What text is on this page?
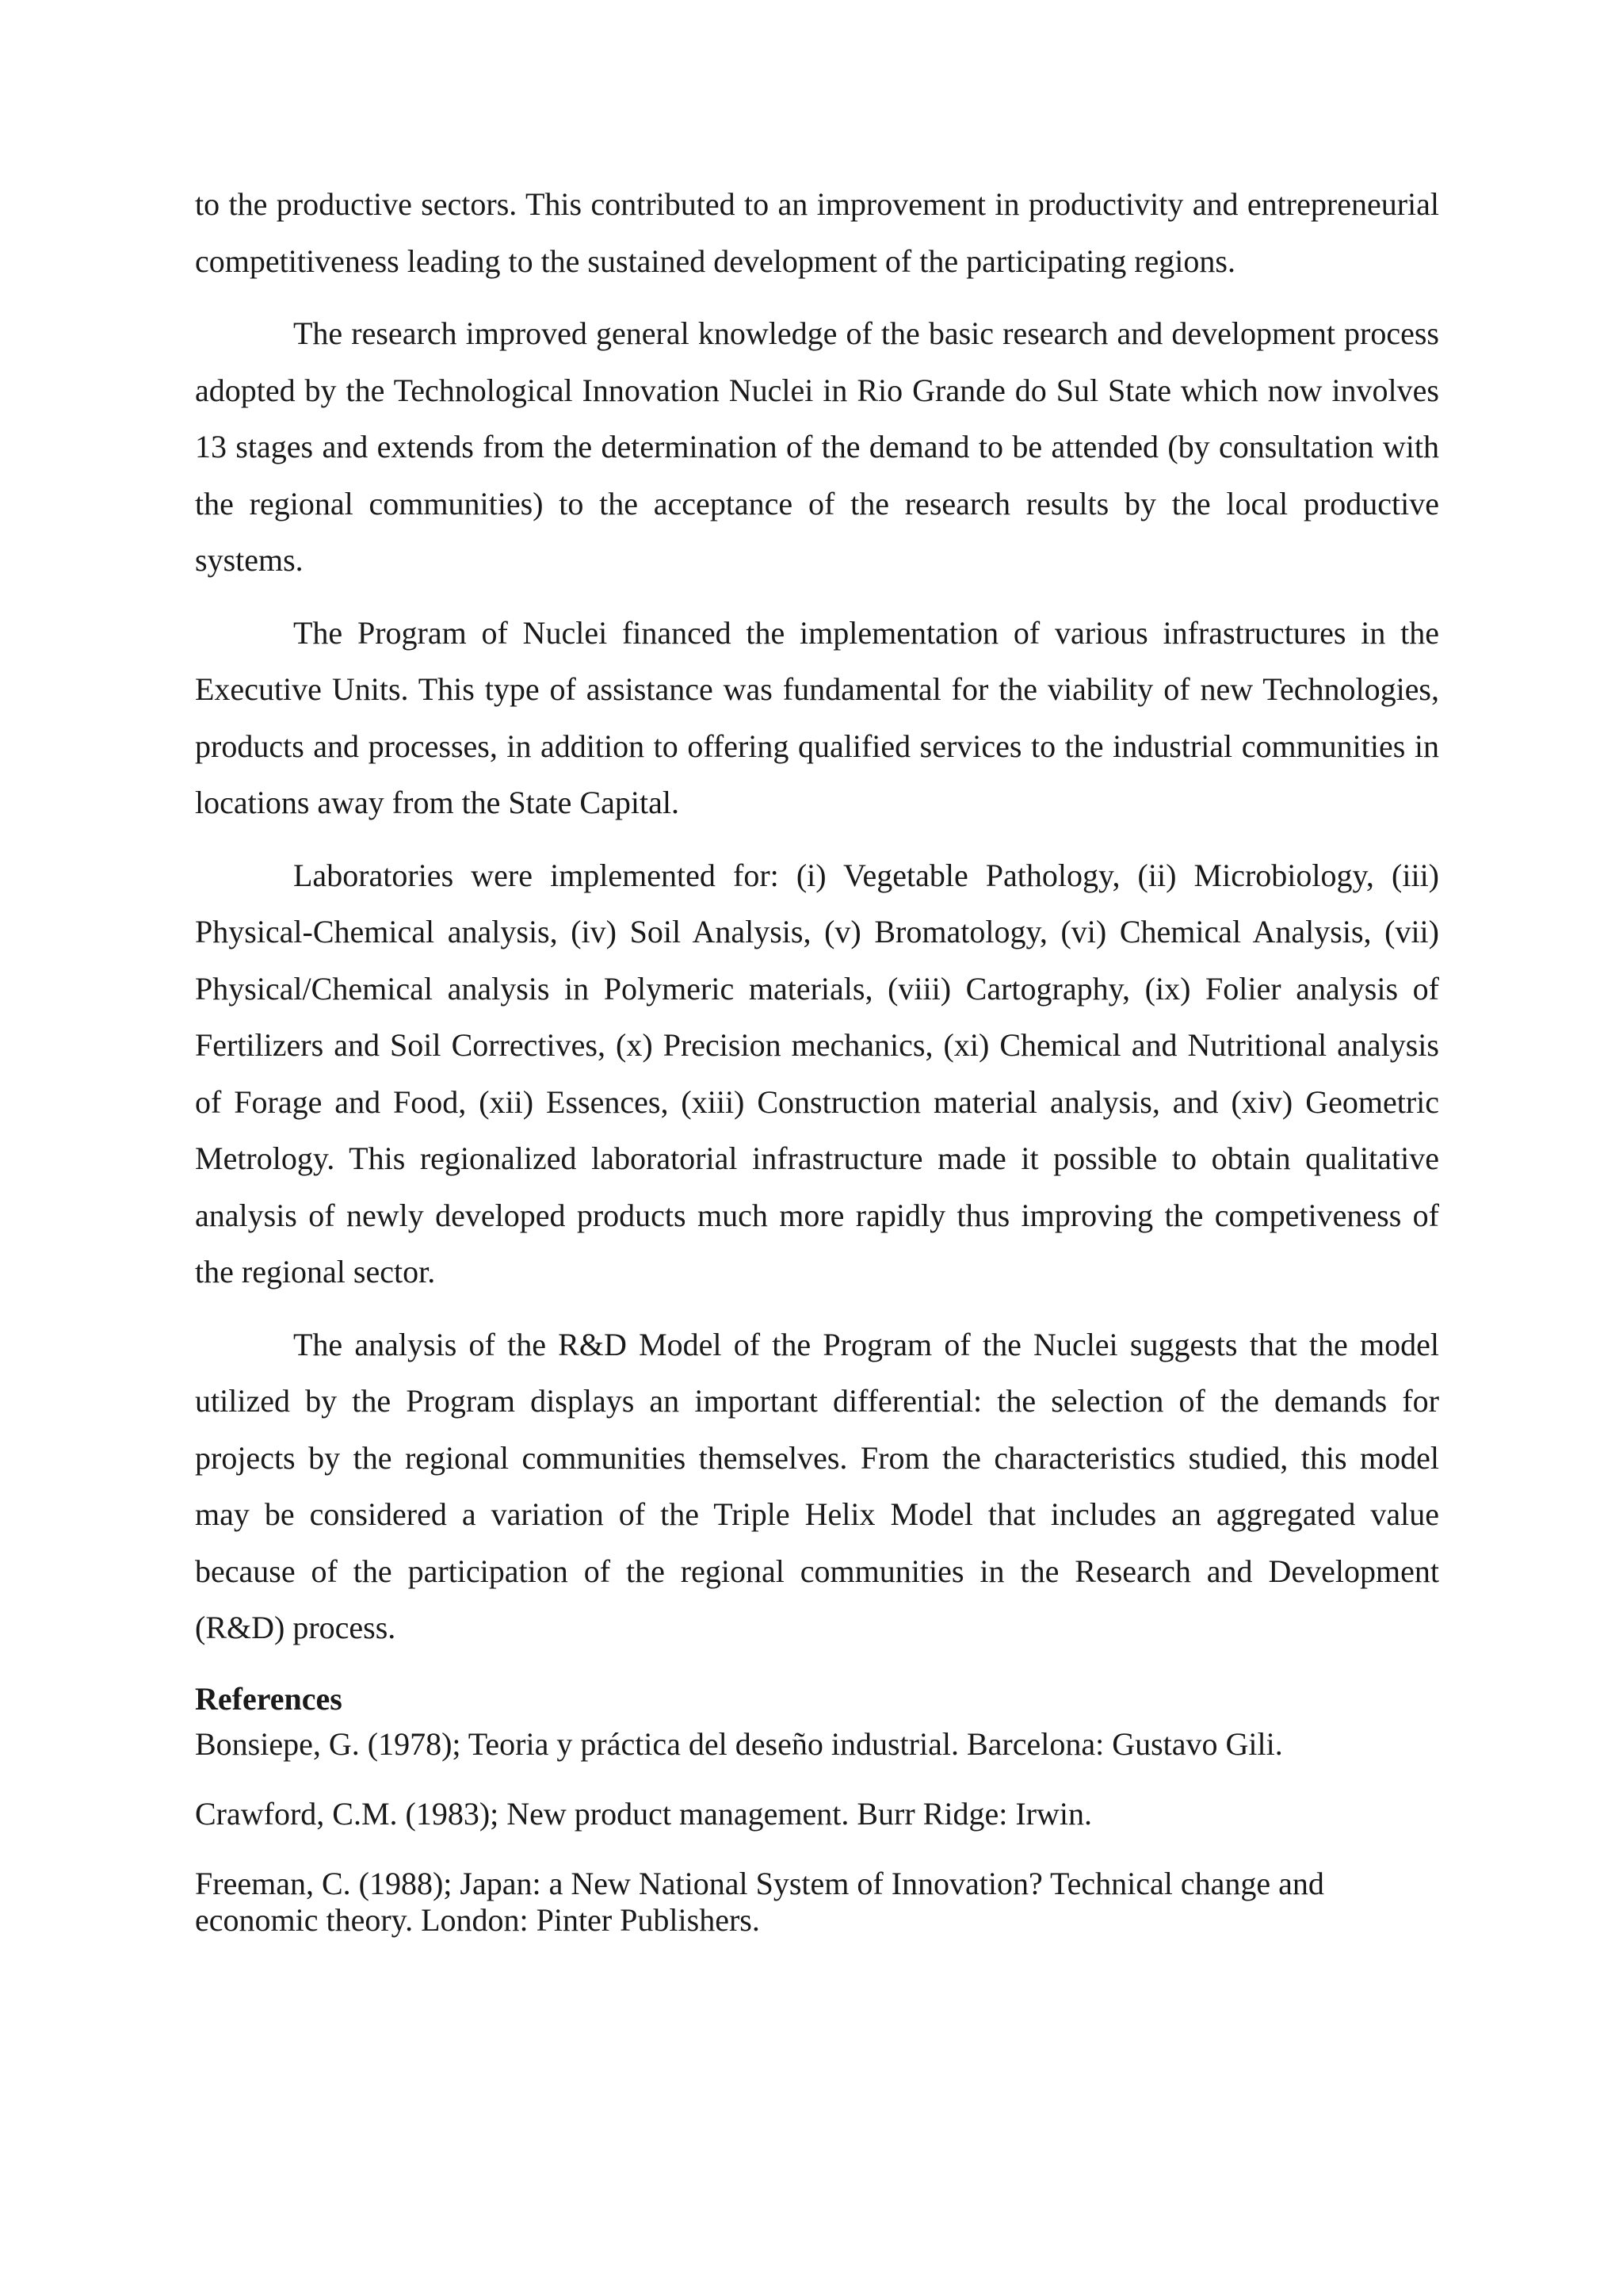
to the productive sectors. This contributed to an improvement in productivity and entrepreneurial competitiveness leading to the sustained development of the participating regions.

The research improved general knowledge of the basic research and development process adopted by the Technological Innovation Nuclei in Rio Grande do Sul State which now involves 13 stages and extends from the determination of the demand to be attended (by consultation with the regional communities) to the acceptance of the research results by the local productive systems.

The Program of Nuclei financed the implementation of various infrastructures in the Executive Units. This type of assistance was fundamental for the viability of new Technologies, products and processes, in addition to offering qualified services to the industrial communities in locations away from the State Capital.

Laboratories were implemented for: (i) Vegetable Pathology, (ii) Microbiology, (iii) Physical-Chemical analysis, (iv) Soil Analysis, (v) Bromatology, (vi) Chemical Analysis, (vii) Physical/Chemical analysis in Polymeric materials, (viii) Cartography, (ix) Folier analysis of Fertilizers and Soil Correctives, (x) Precision mechanics, (xi) Chemical and Nutritional analysis of Forage and Food, (xii) Essences, (xiii) Construction material analysis, and (xiv) Geometric Metrology. This regionalized laboratorial infrastructure made it possible to obtain qualitative analysis of newly developed products much more rapidly thus improving the competiveness of the regional sector.

The analysis of the R&D Model of the Program of the Nuclei suggests that the model utilized by the Program displays an important differential: the selection of the demands for projects by the regional communities themselves. From the characteristics studied, this model may be considered a variation of the Triple Helix Model that includes an aggregated value because of the participation of the regional communities in the Research and Development (R&D) process.

References

Bonsiepe, G. (1978); Teoria y práctica del deseño industrial. Barcelona: Gustavo Gili.

Crawford, C.M. (1983); New product management. Burr Ridge: Irwin.

Freeman, C. (1988); Japan: a New National System of Innovation? Technical change and economic theory. London: Pinter Publishers.
